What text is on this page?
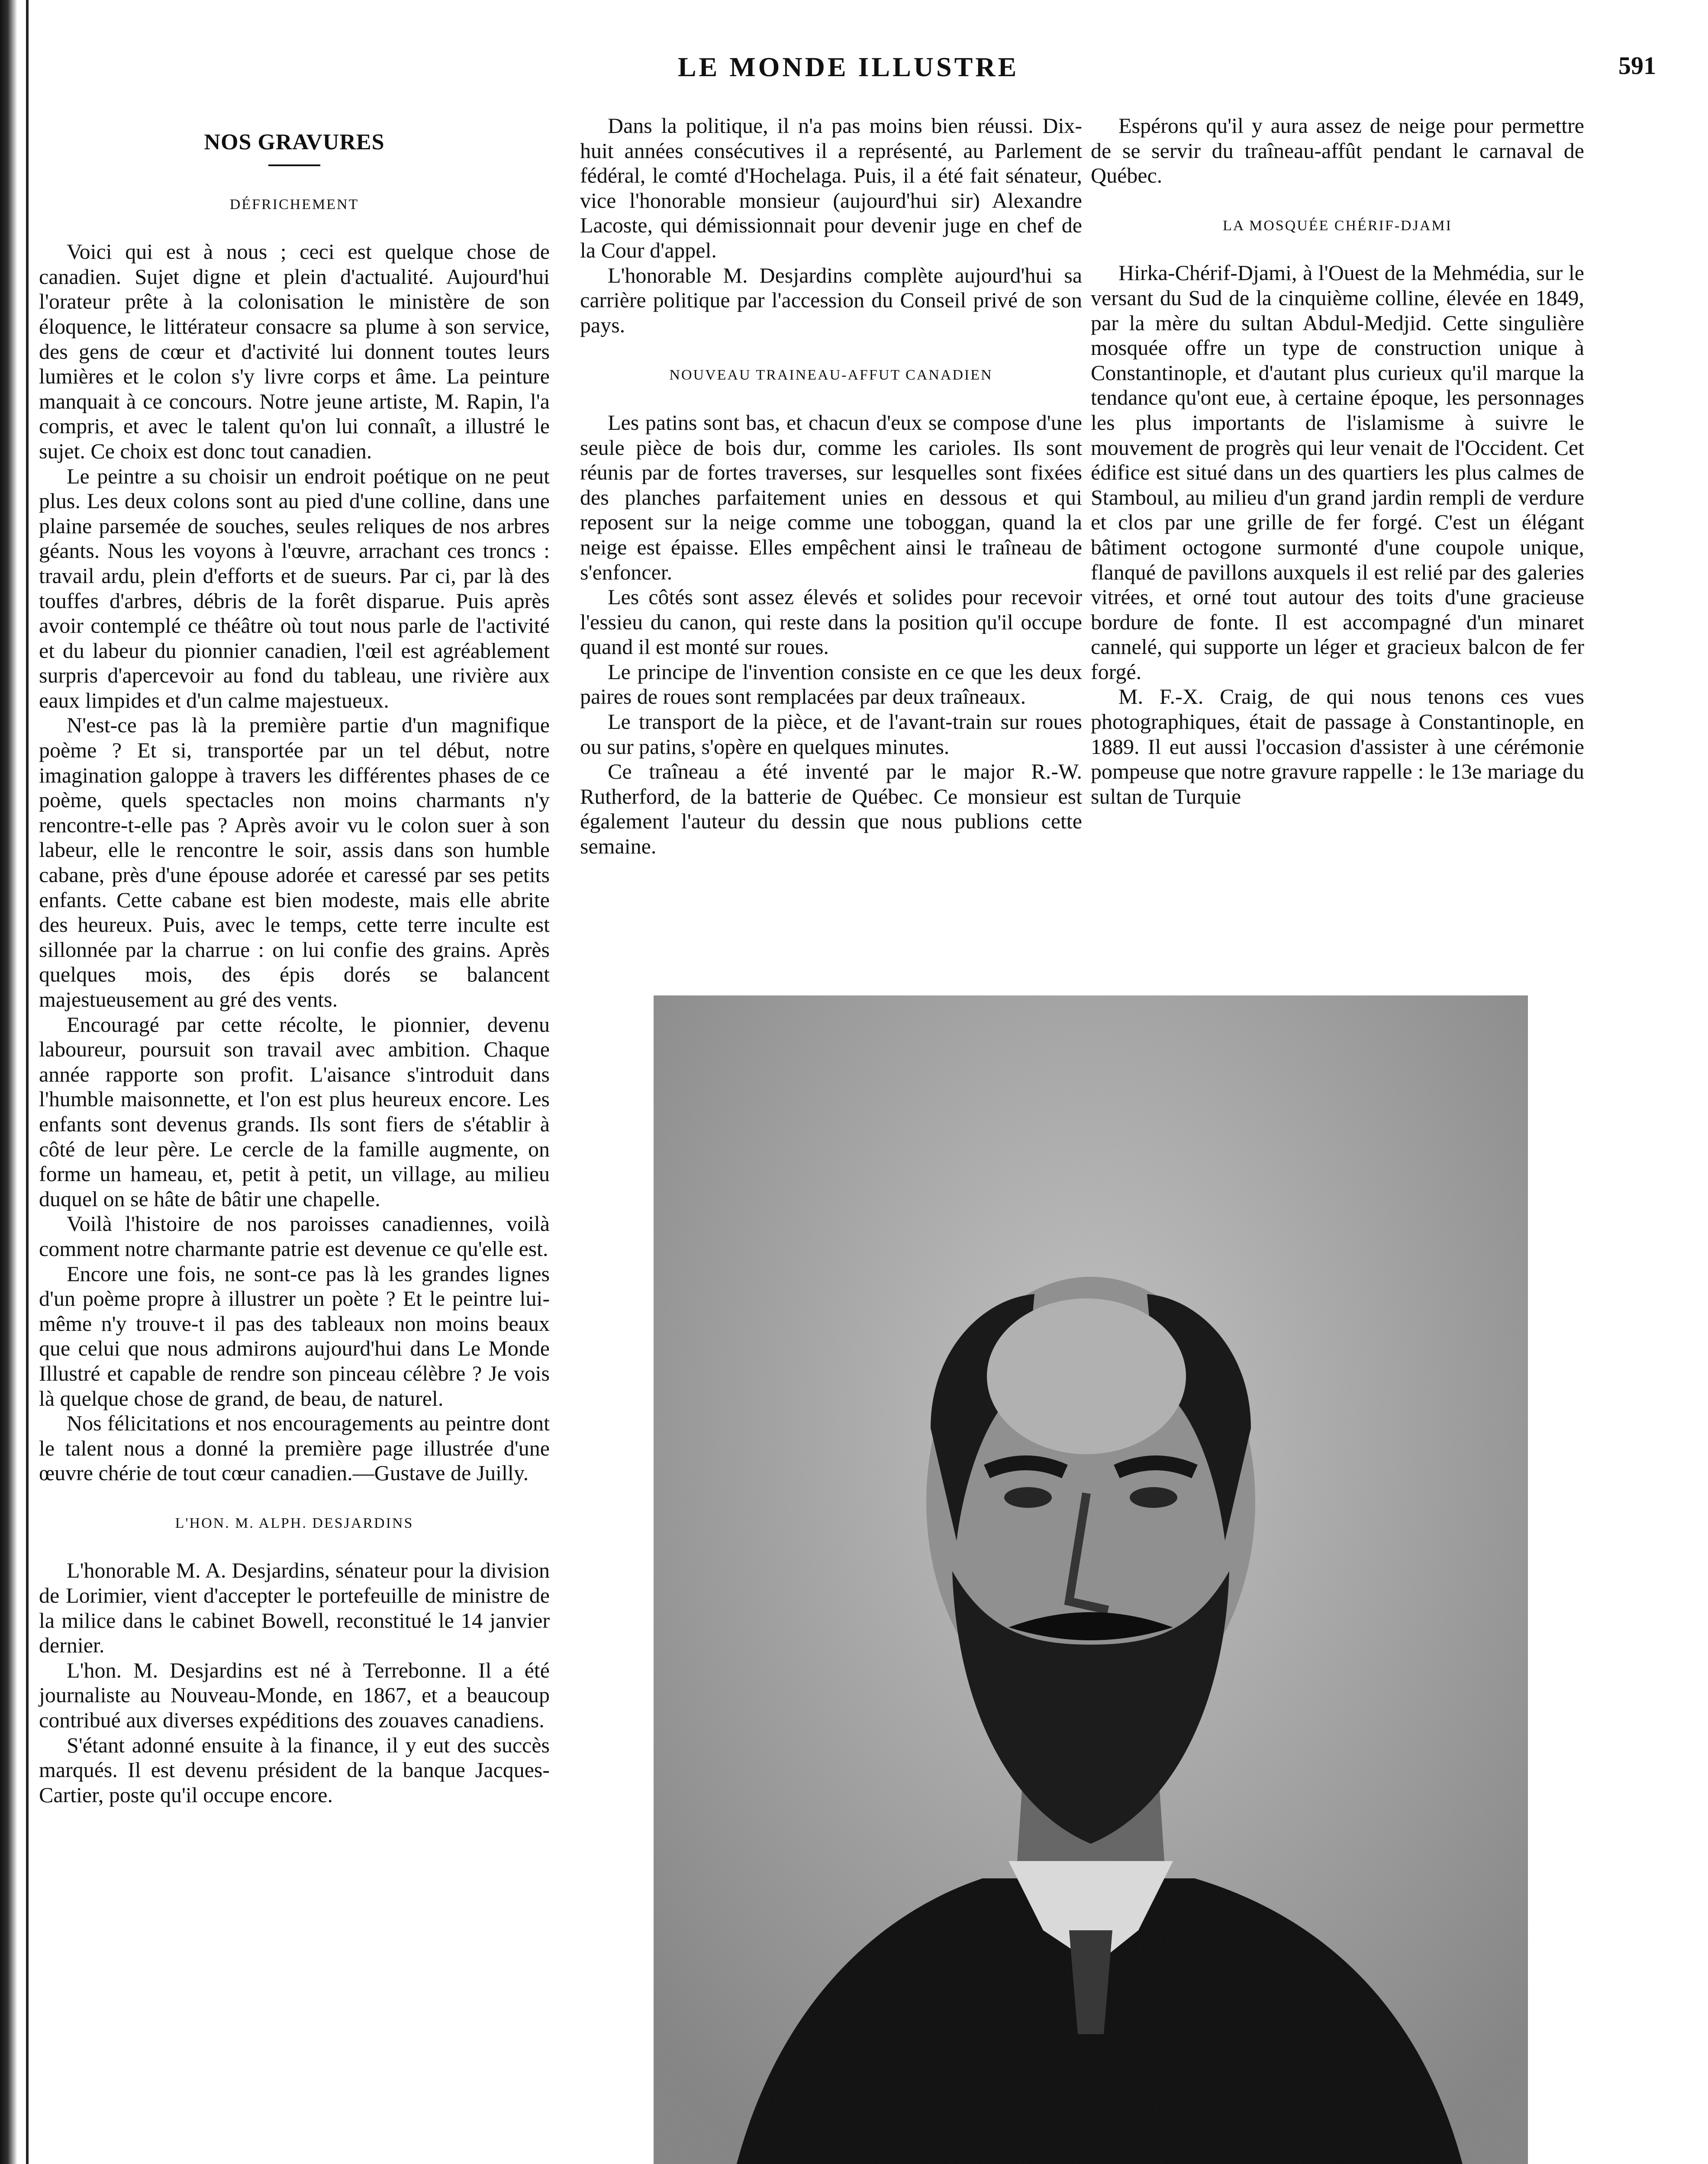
LE MONDE ILLUSTRE	591
NOS GRAVURES
DÉFRICHEMENT

Voici qui est à nous ; ceci est quelque chose de canadien. Sujet digne et plein d'actualité. Aujourd'hui l'orateur prête à la colonisation le ministère de son éloquence, le littérateur consacre sa plume à son service, des gens de cœur et d'activité lui donnent toutes leurs lumières et le colon s'y livre corps et âme. La peinture manquait à ce concours. Notre jeune artiste, M. Rapin, l'a compris, et avec le talent qu'on lui connaît, a illustré le sujet. Ce choix est donc tout canadien.

Le peintre a su choisir un endroit poétique on ne peut plus. Les deux colons sont au pied d'une colline, dans une plaine parsemée de souches, seules reliques de nos arbres géants. Nous les voyons à l'œuvre, arrachant ces troncs : travail ardu, plein d'efforts et de sueurs. Par ci, par là des touffes d'arbres, débris de la forêt disparue. Puis après avoir contemplé ce théâtre où tout nous parle de l'activité et du labeur du pionnier canadien, l'œil est agréablement surpris d'apercevoir au fond du tableau, une rivière aux eaux limpides et d'un calme majestueux.

N'est-ce pas là la première partie d'un magnifique poème ? Et si, transportée par un tel début, notre imagination galoppe à travers les différentes phases de ce poème, quels spectacles non moins charmants n'y rencontre-t-elle pas ? Après avoir vu le colon suer à son labeur, elle le rencontre le soir, assis dans son humble cabane, près d'une épouse adorée et caressé par ses petits enfants. Cette cabane est bien modeste, mais elle abrite des heureux. Puis, avec le temps, cette terre inculte est sillonnée par la charrue : on lui confie des grains. Après quelques mois, des épis dorés se balancent majestueusement au gré des vents.

Encouragé par cette récolte, le pionnier, devenu laboureur, poursuit son travail avec ambition. Chaque année rapporte son profit. L'aisance s'introduit dans l'humble maisonnette, et l'on est plus heureux encore. Les enfants sont devenus grands. Ils sont fiers de s'établir à côté de leur père. Le cercle de la famille augmente, on forme un hameau, et, petit à petit, un village, au milieu duquel on se hâte de bâtir une chapelle.

Voilà l'histoire de nos paroisses canadiennes, voilà comment notre charmante patrie est devenue ce qu'elle est.

Encore une fois, ne sont-ce pas là les grandes lignes d'un poème propre à illustrer un poète ? Et le peintre lui-même n'y trouve-t il pas des tableaux non moins beaux que celui que nous admirons aujourd'hui dans Le Monde Illustré et capable de rendre son pinceau célèbre ? Je vois là quelque chose de grand, de beau, de naturel.

Nos félicitations et nos encouragements au peintre dont le talent nous a donné la première page illustrée d'une œuvre chérie de tout cœur canadien.—Gustave de Juilly.

L'HON. M. ALPH. DESJARDINS

L'honorable M. A. Desjardins, sénateur pour la division de Lorimier, vient d'accepter le portefeuille de ministre de la milice dans le cabinet Bowell, reconstitué le 14 janvier dernier.

L'hon. M. Desjardins est né à Terrebonne. Il a été journaliste au Nouveau-Monde, en 1867, et a beaucoup contribué aux diverses expéditions des zouaves canadiens.

S'étant adonné ensuite à la finance, il y eut des succès marqués. Il est devenu président de la banque Jacques-Cartier, poste qu'il occupe encore.

Dans la politique, il n'a pas moins bien réussi. Dix-huit années consécutives il a représenté, au Parlement fédéral, le comté d'Hochelaga. Puis, il a été fait sénateur, vice l'honorable monsieur (aujourd'hui sir) Alexandre Lacoste, qui démissionnait pour devenir juge en chef de la Cour d'appel.

L'honorable M. Desjardins complète aujourd'hui sa carrière politique par l'accession du Conseil privé de son pays.

NOUVEAU TRAINEAU-AFFUT CANADIEN

Les patins sont bas, et chacun d'eux se compose d'une seule pièce de bois dur, comme les carioles. Ils sont réunis par de fortes traverses, sur lesquelles sont fixées des planches parfaitement unies en dessous et qui reposent sur la neige comme une toboggan, quand la neige est épaisse. Elles empêchent ainsi le traîneau de s'enfoncer.

Les côtés sont assez élevés et solides pour recevoir l'essieu du canon, qui reste dans la position qu'il occupe quand il est monté sur roues.

Le principe de l'invention consiste en ce que les deux paires de roues sont remplacées par deux traîneaux.

Le transport de la pièce, et de l'avant-train sur roues ou sur patins, s'opère en quelques minutes.

Ce traîneau a été inventé par le major R.-W. Rutherford, de la batterie de Québec. Ce monsieur est également l'auteur du dessin que nous publions cette semaine.

Espérons qu'il y aura assez de neige pour permettre de se servir du traîneau-affût pendant le carnaval de Québec.

LA MOSQUÉE CHÉRIF-DJAMI

Hirka-Chérif-Djami, à l'Ouest de la Mehmédia, sur le versant du Sud de la cinquième colline, élevée en 1849, par la mère du sultan Abdul-Medjid. Cette singulière mosquée offre un type de construction unique à Constantinople, et d'autant plus curieux qu'il marque la tendance qu'ont eue, à certaine époque, les personnages les plus importants de l'islamisme à suivre le mouvement de progrès qui leur venait de l'Occident. Cet édifice est situé dans un des quartiers les plus calmes de Stamboul, au milieu d'un grand jardin rempli de verdure et clos par une grille de fer forgé. C'est un élégant bâtiment octogone surmonté d'une coupole unique, flanqué de pavillons auxquels il est relié par des galeries vitrées, et orné tout autour des toits d'une gracieuse bordure de fonte. Il est accompagné d'un minaret cannelé, qui supporte un léger et gracieux balcon de fer forgé.

M. F.-X. Craig, de qui nous tenons ces vues photographiques, était de passage à Constantinople, en 1889. Il eut aussi l'occasion d'assister à une cérémonie pompeuse que notre gravure rappelle : le 13e mariage du sultan de Turquie
